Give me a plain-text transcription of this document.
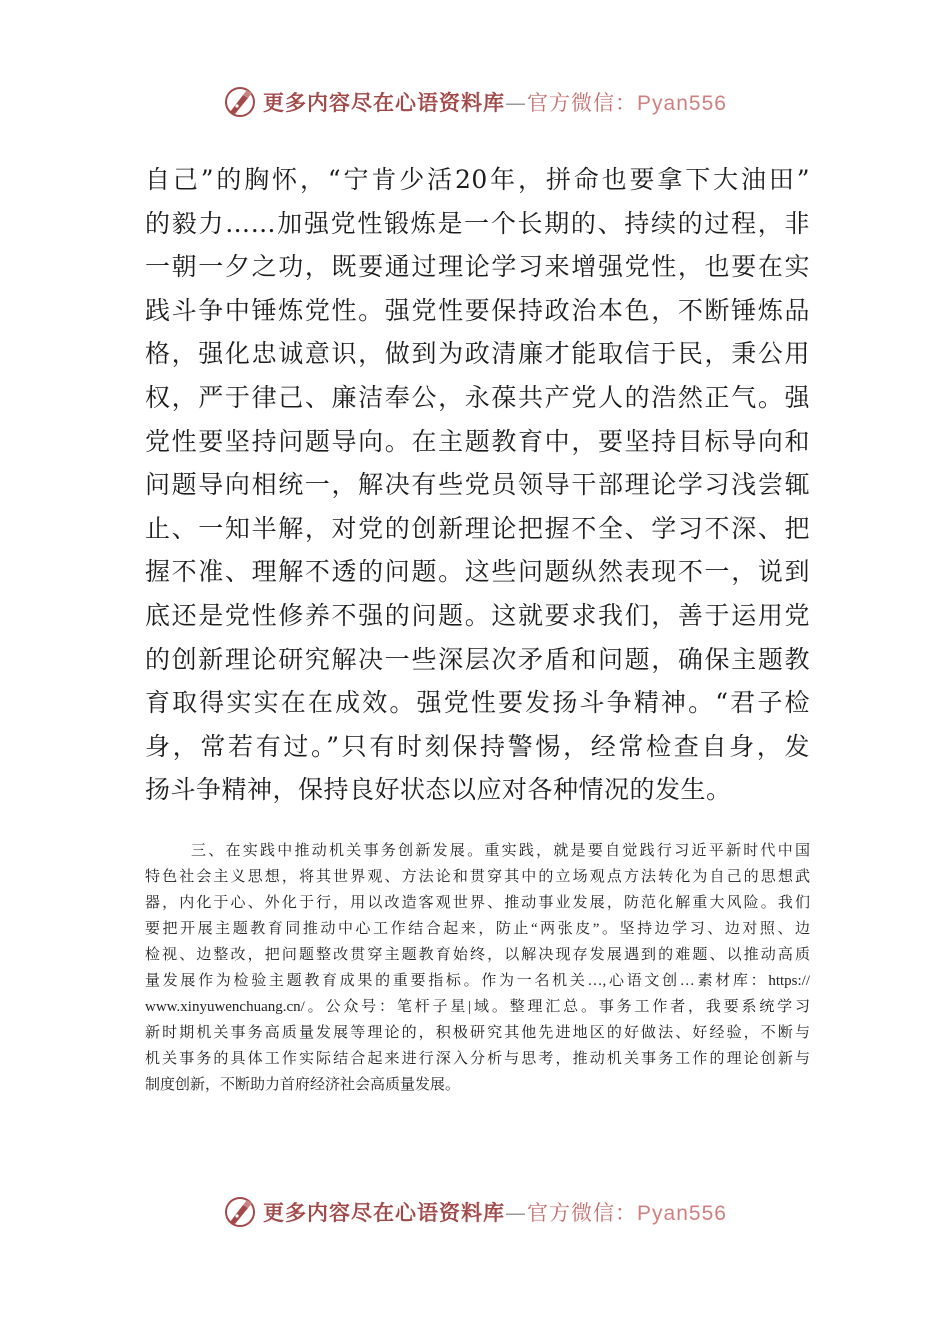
更多内容尽在心语资料库—官方微信：Pyan556
自己”的胸怀，“宁肯少活20年，拼命也要拿下大油田”
的毅力……加强党性锻炼是一个长期的、持续的过程，非
一朝一夕之功，既要通过理论学习来增强党性，也要在实
践斗争中锤炼党性。强党性要保持政治本色，不断锤炼品
格，强化忠诚意识，做到为政清廉才能取信于民，秉公用
权，严于律己、廉洁奉公，永葆共产党人的浩然正气。强
党性要坚持问题导向。在主题教育中，要坚持目标导向和
问题导向相统一，解决有些党员领导干部理论学习浅尝辄
止、一知半解，对党的创新理论把握不全、学习不深、把
握不准、理解不透的问题。这些问题纵然表现不一，说到
底还是党性修养不强的问题。这就要求我们，善于运用党
的创新理论研究解决一些深层次矛盾和问题，确保主题教
育取得实实在在成效。强党性要发扬斗争精神。“君子检
身，常若有过。”只有时刻保持警惕，经常检查自身，发
扬斗争精神，保持良好状态以应对各种情况的发生。
三、在实践中推动机关事务创新发展。重实践，就是要自觉践行习近平新时代中国
特色社会主义思想，将其世界观、方法论和贯穿其中的立场观点方法转化为自己的思想武
器，内化于心、外化于行，用以改造客观世界、推动事业发展，防范化解重大风险。我们
要把开展主题教育同推动中心工作结合起来，防止“两张皮”。坚持边学习、边对照、边
检视、边整改，把问题整改贯穿主题教育始终，以解决现存发展遇到的难题、以推动高质
量发展作为检验主题教育成果的重要指标。作为一名机关…,心语文创…素材库：https://
www.xinyuwenchuang.cn/。公众号：笔杆子星|域。整理汇总。事务工作者，我要系统学习
新时期机关事务高质量发展等理论的，积极研究其他先进地区的好做法、好经验，不断与
机关事务的具体工作实际结合起来进行深入分析与思考，推动机关事务工作的理论创新与
制度创新，不断助力首府经济社会高质量发展。
更多内容尽在心语资料库—官方微信：Pyan556
